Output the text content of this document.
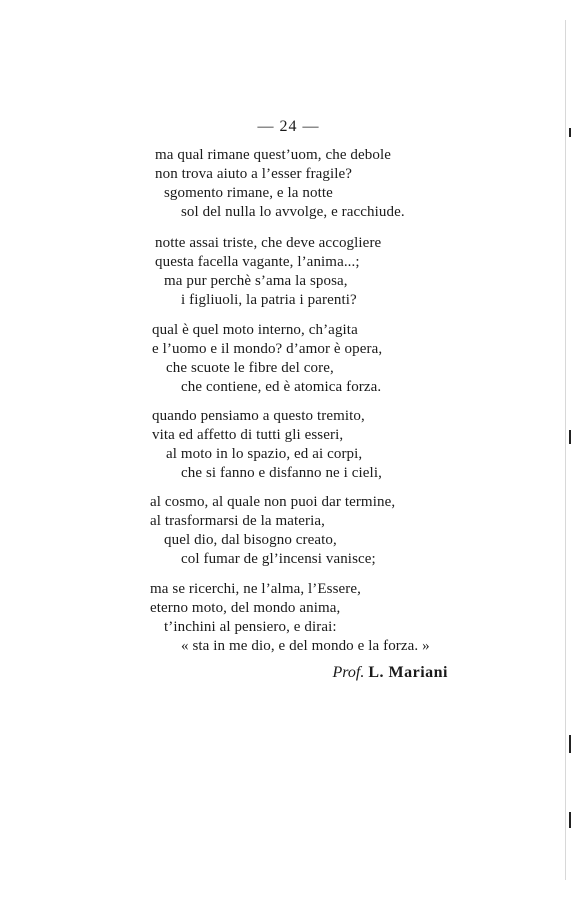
— 24 —
ma qual rimane quest’uom, che debole
non trova aiuto a l’esser fragile?
sgomento rimane, e la notte
sol del nulla lo avvolge, e racchiude.
notte assai triste, che deve accogliere
questa facella vagante, l’anima...;
ma pur perchè s’ama la sposa,
i figliuoli, la patria i parenti?
qual è quel moto interno, ch’agita
e l’uomo e il mondo? d’amor è opera,
che scuote le fibre del core,
che contiene, ed è atomica forza.
quando pensiamo a questo tremito,
vita ed affetto di tutti gli esseri,
al moto in lo spazio, ed ai corpi,
che si fanno e disfanno ne i cieli,
al cosmo, al quale non puoi dar termine,
al trasformarsi de la materia,
quel dio, dal bisogno creato,
col fumar de gl’incensi vanisce;
ma se ricerchi, ne l’alma, l’Essere,
eterno moto, del mondo anima,
t’inchini al pensiero, e dirai:
« sta in me dio, e del mondo e la forza. »
Prof. L. Mariani
